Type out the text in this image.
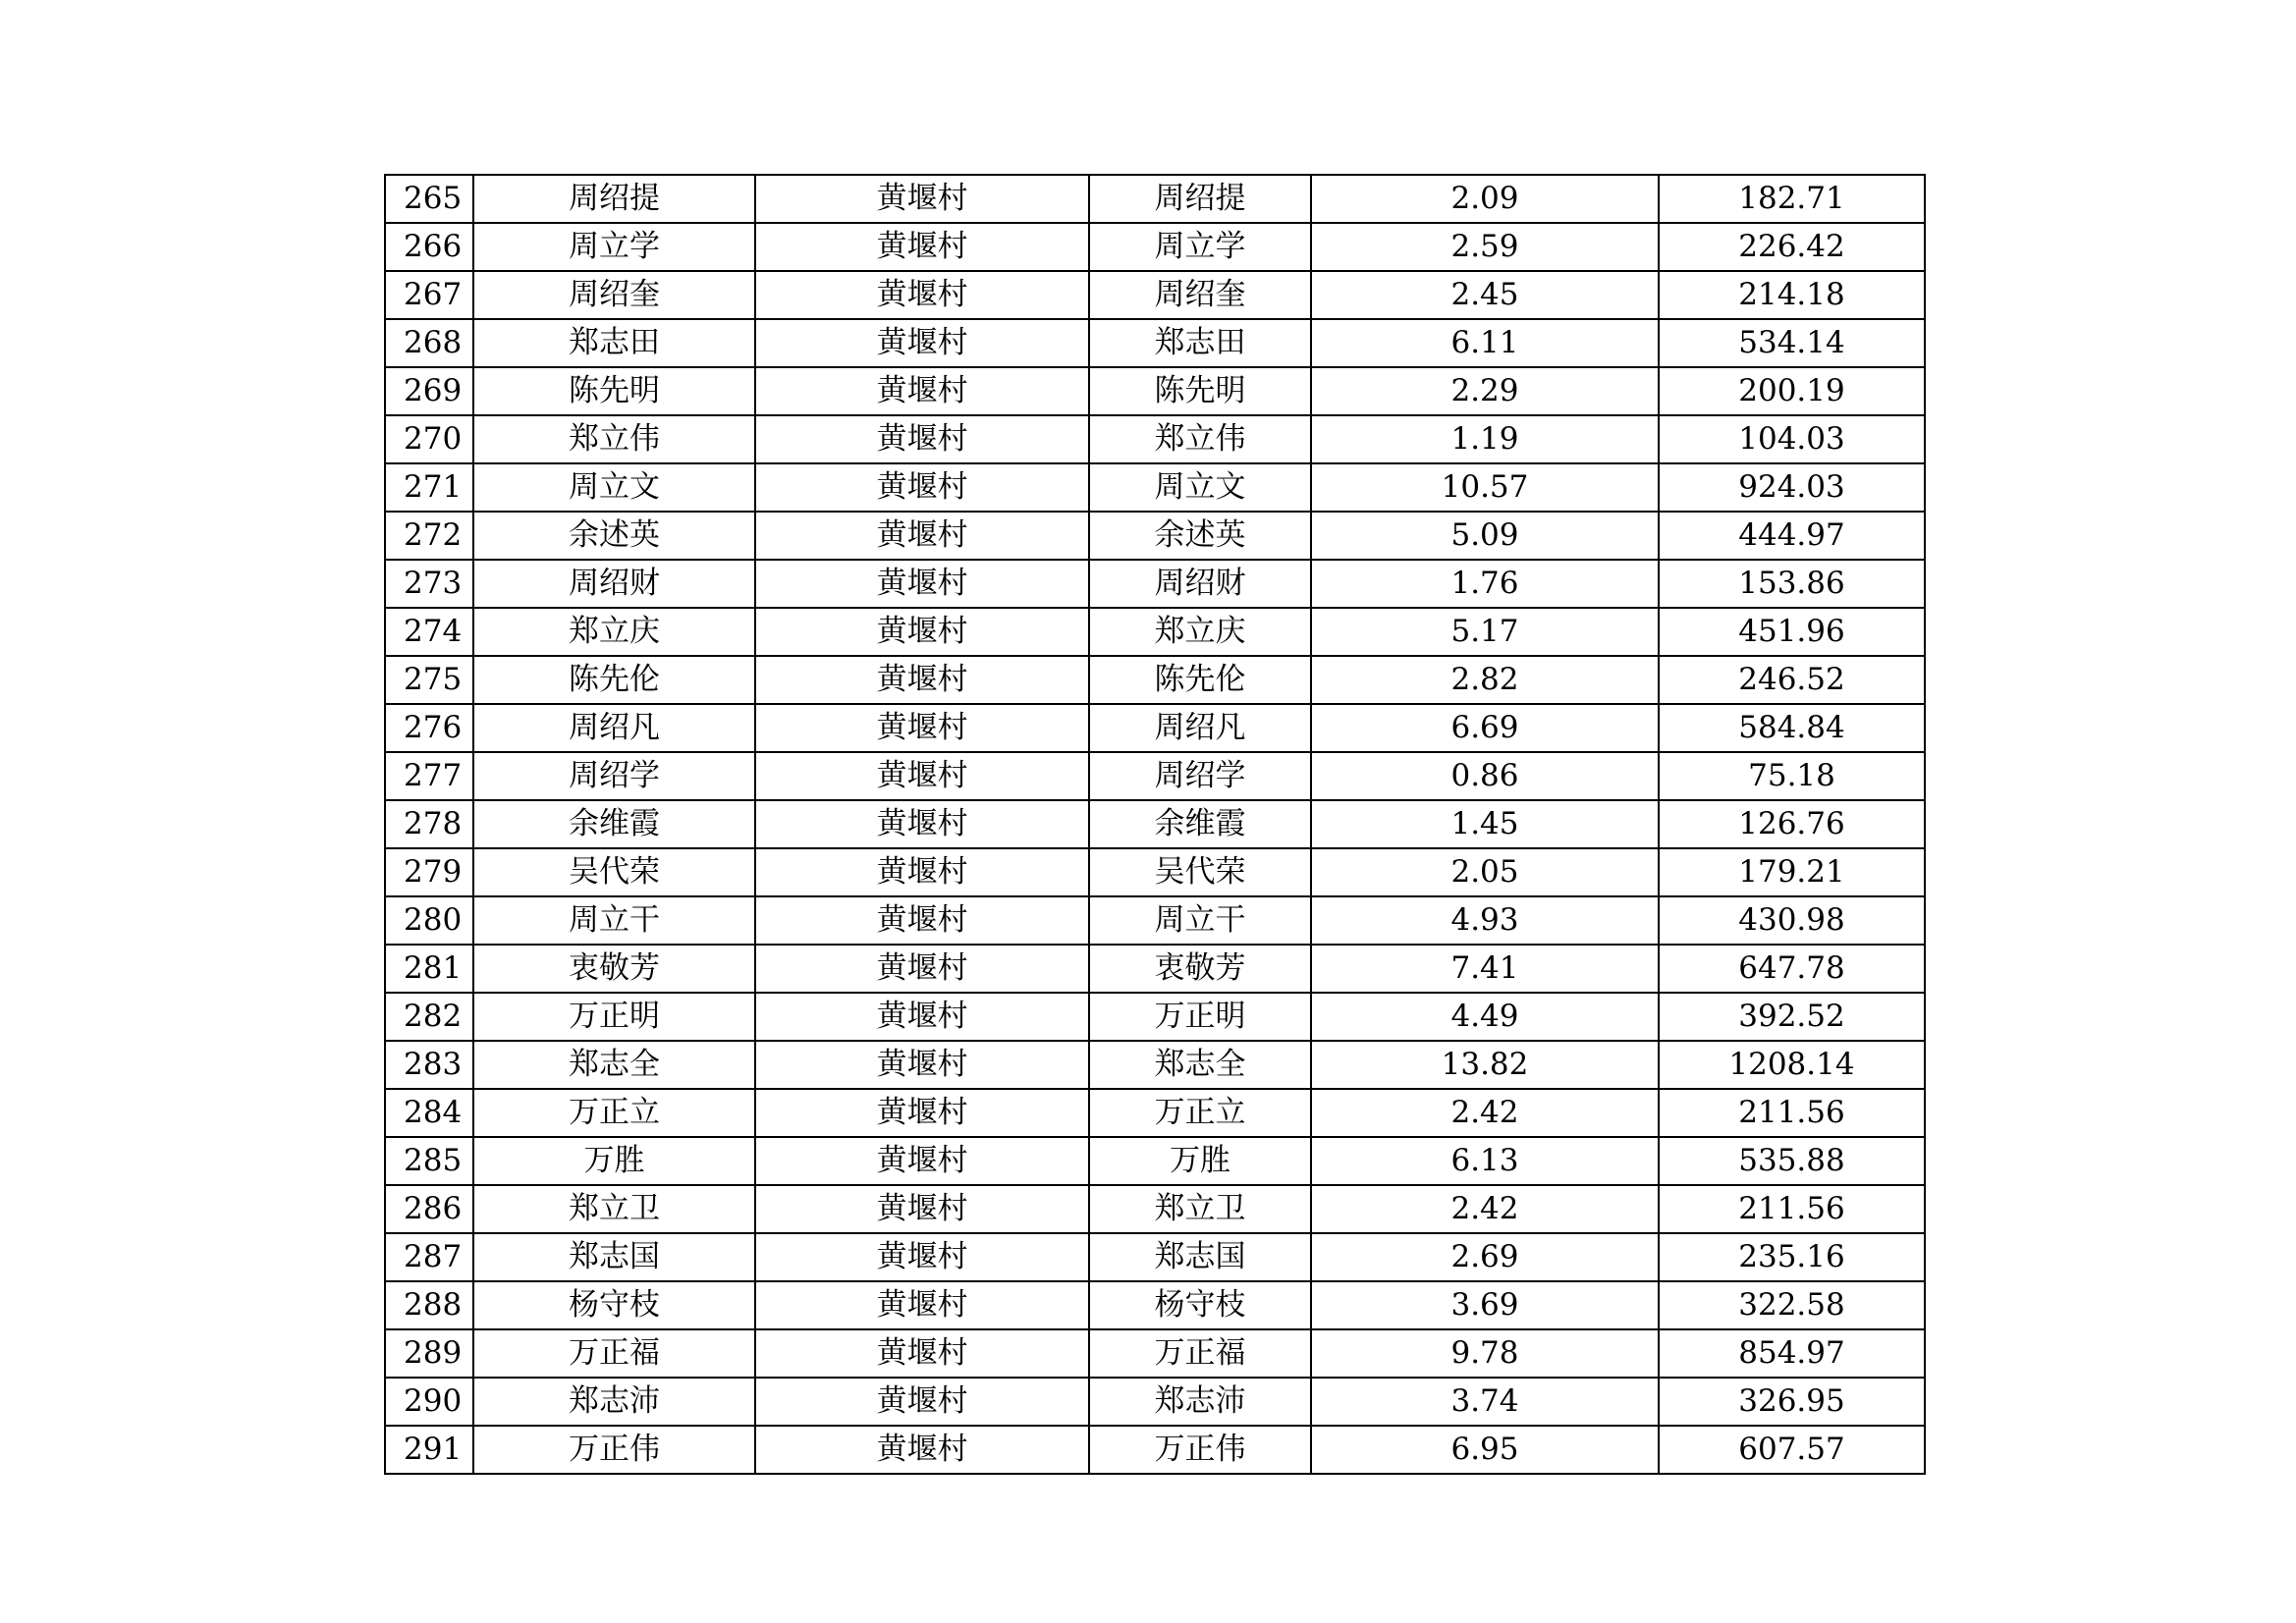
265	周绍提	黄堰村	周绍提	2.09	182.71
266	周立学	黄堰村	周立学	2.59	226.42
267	周绍奎	黄堰村	周绍奎	2.45	214.18
268	郑志田	黄堰村	郑志田	6.11	534.14
269	陈先明	黄堰村	陈先明	2.29	200.19
270	郑立伟	黄堰村	郑立伟	1.19	104.03
271	周立文	黄堰村	周立文	10.57	924.03
272	余述英	黄堰村	余述英	5.09	444.97
273	周绍财	黄堰村	周绍财	1.76	153.86
274	郑立庆	黄堰村	郑立庆	5.17	451.96
275	陈先伦	黄堰村	陈先伦	2.82	246.52
276	周绍凡	黄堰村	周绍凡	6.69	584.84
277	周绍学	黄堰村	周绍学	0.86	75.18
278	余维霞	黄堰村	余维霞	1.45	126.76
279	吴代荣	黄堰村	吴代荣	2.05	179.21
280	周立干	黄堰村	周立干	4.93	430.98
281	衷敬芳	黄堰村	衷敬芳	7.41	647.78
282	万正明	黄堰村	万正明	4.49	392.52
283	郑志全	黄堰村	郑志全	13.82	1208.14
284	万正立	黄堰村	万正立	2.42	211.56
285	万胜	黄堰村	万胜	6.13	535.88
286	郑立卫	黄堰村	郑立卫	2.42	211.56
287	郑志国	黄堰村	郑志国	2.69	235.16
288	杨守枝	黄堰村	杨守枝	3.69	322.58
289	万正福	黄堰村	万正福	9.78	854.97
290	郑志沛	黄堰村	郑志沛	3.74	326.95
291	万正伟	黄堰村	万正伟	6.95	607.57
